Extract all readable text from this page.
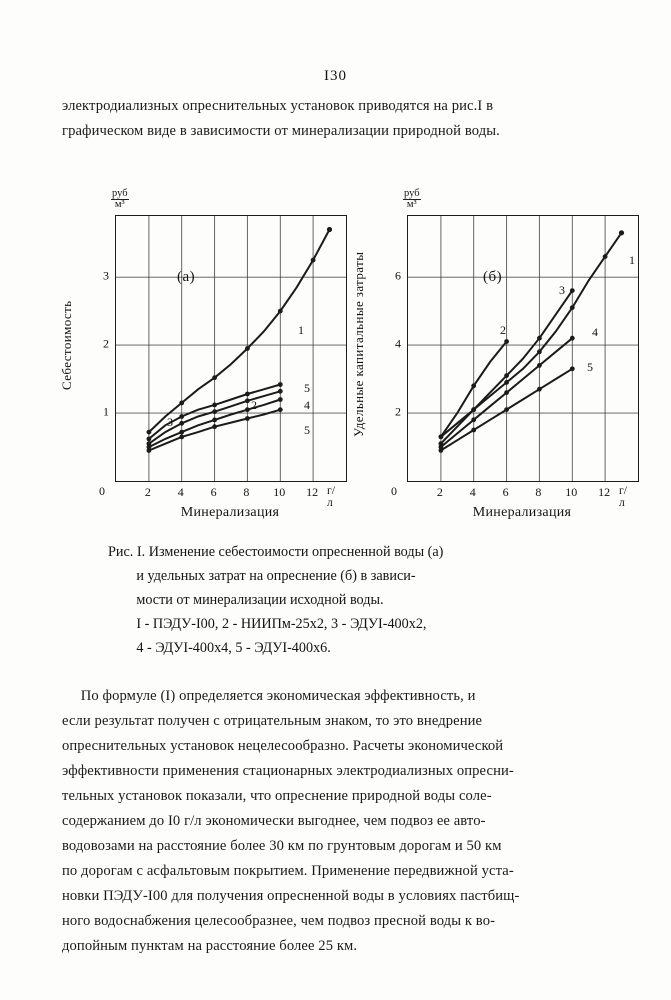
I30
электродиализных опреснительных установок приводятся на рис.I в
графическом виде в зависимости от минерализации природной воды.
руб
м³
Себестоимость
(а)
1
2
3
4
5
5
1
2
3
0	2 4 6 8 10 12 г/л
Минерализация
руб
м³
Удельные капитальные затраты	(б)
1
2
3
4
5
2
4
6
0	2 4 6 8 10 12 г/л
Минерализация
Рис. I. Изменение себестоимости опресненной воды (а)
и удельных затрат на опреснение (б) в зависи-
мости от минерализации исходной воды.
I - ПЭДУ-I00, 2 - НИИПм-25х2, 3 - ЭДУI-400х2,
4 - ЭДУI-400х4, 5 - ЭДУI-400х6.
По формуле (I) определяется экономическая эффективность, и
если результат получен с отрицательным знаком, то это внедрение
опреснительных установок нецелесообразно. Расчеты экономической
эффективности применения стационарных электродиализных опресни-
тельных установок показали, что опреснение природной воды соле-
содержанием до I0 г/л экономически выгоднее, чем подвоз ее авто-
водовозами на расстояние более 30 км по грунтовым дорогам и 50 км
по дорогам с асфальтовым покрытием. Применение передвижной уста-
новки ПЭДУ-I00 для получения опресненной воды в условиях пастбищ-
ного водоснабжения целесообразнее, чем подвоз пресной воды к во-
допойным пунктам на расстояние более 25 км.
